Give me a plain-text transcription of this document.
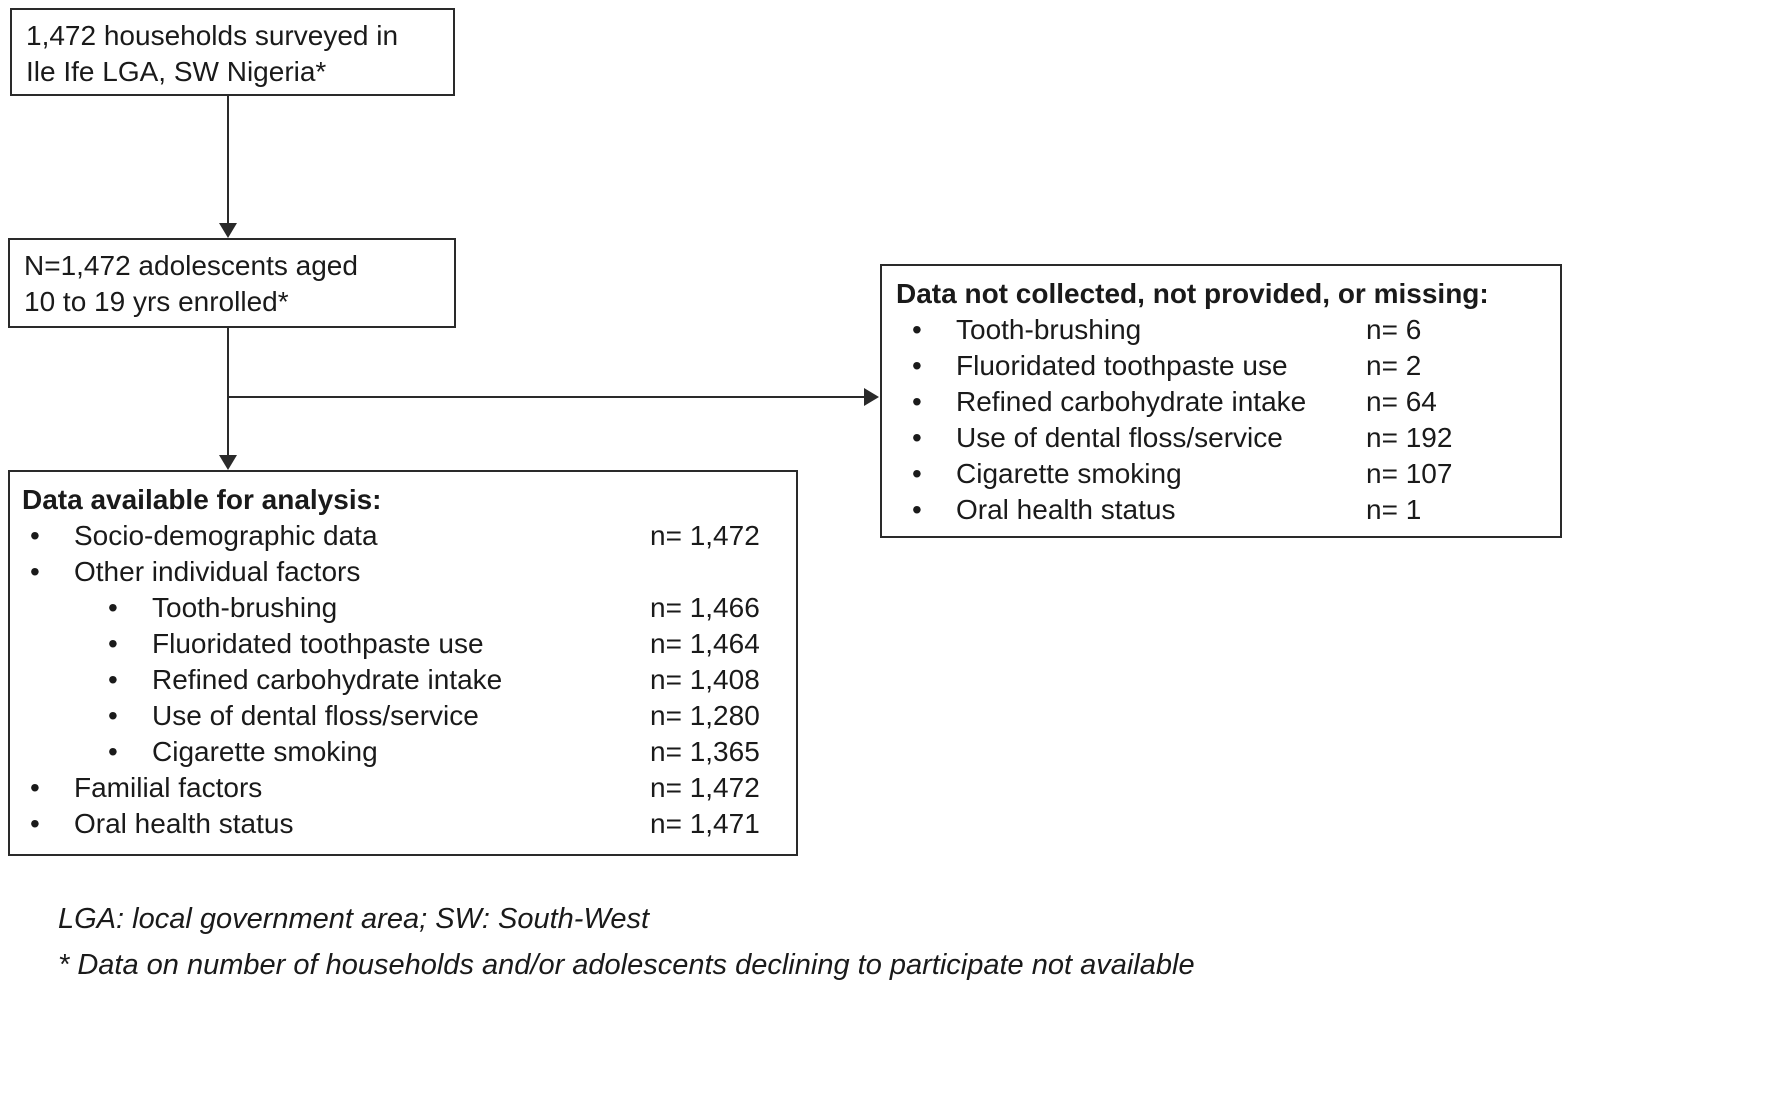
1,472 households surveyed in
Ile Ife LGA, SW Nigeria*
N=1,472 adolescents aged
10 to 19 yrs enrolled*	Data not collected, not provided, or missing:
• Tooth-brushing	n= 6
• Fluoridated toothpaste use	n= 2
• Refined carbohydrate intake n= 64
• Use of dental floss/service	n= 192
• Cigarette smoking	n= 107
• Oral health status	n= 1
Data available for analysis:
• Socio-demographic data	n= 1,472
• Other individual factors
• Tooth-brushing	n= 1,466
• Fluoridated toothpaste use	n= 1,464
• Refined carbohydrate intake	n= 1,408
• Use of dental floss/service	n= 1,280
• Cigarette smoking	n= 1,365
• Familial factors	n= 1,472
• Oral health status	n= 1,471
LGA: local government area; SW: South-West
* Data on number of households and/or adolescents declining to participate not available
